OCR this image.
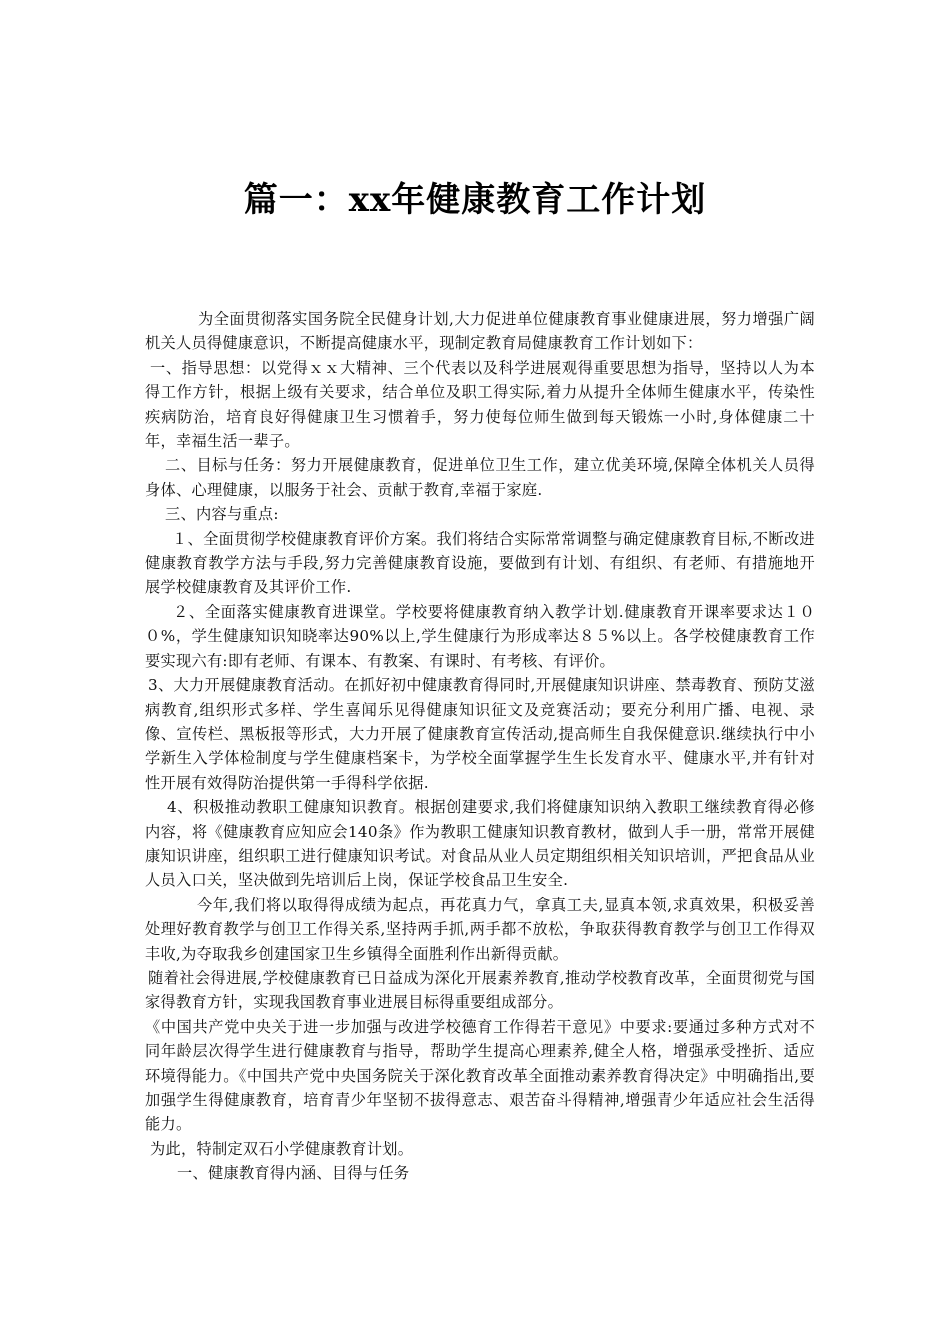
篇一：xx年健康教育工作计划

为全面贯彻落实国务院全民健身计划,大力促进单位健康教育事业健康进展，努力增强广阔机关人员得健康意识，不断提高健康水平，现制定教育局健康教育工作计划如下：

一、指导思想：以党得ｘｘ大精神、三个代表以及科学进展观得重要思想为指导，坚持以人为本得工作方针，根据上级有关要求，结合单位及职工得实际,着力从提升全体师生健康水平，传染性疾病防治，培育良好得健康卫生习惯着手，努力使每位师生做到每天锻炼一小时,身体健康二十年，幸福生活一辈子。

二、目标与任务：努力开展健康教育，促进单位卫生工作，建立优美环境,保障全体机关人员得身体、心理健康，以服务于社会、贡献于教育,幸福于家庭.

三、内容与重点:

１、全面贯彻学校健康教育评价方案。我们将结合实际常常调整与确定健康教育目标,不断改进健康教育教学方法与手段,努力完善健康教育设施，要做到有计划、有组织、有老师、有措施地开展学校健康教育及其评价工作.

２、全面落实健康教育进课堂。学校要将健康教育纳入教学计划.健康教育开课率要求达１００%，学生健康知识知晓率达90%以上,学生健康行为形成率达８５%以上。各学校健康教育工作要实现六有:即有老师、有课本、有教案、有课时、有考核、有评价。

3、大力开展健康教育活动。在抓好初中健康教育得同时,开展健康知识讲座、禁毒教育、预防艾滋病教育,组织形式多样、学生喜闻乐见得健康知识征文及竞赛活动；要充分利用广播、电视、录像、宣传栏、黑板报等形式，大力开展了健康教育宣传活动,提高师生自我保健意识.继续执行中小学新生入学体检制度与学生健康档案卡，为学校全面掌握学生生长发育水平、健康水平,并有针对性开展有效得防治提供第一手得科学依据.

4、积极推动教职工健康知识教育。根据创建要求,我们将健康知识纳入教职工继续教育得必修内容，将《健康教育应知应会140条》作为教职工健康知识教育教材，做到人手一册，常常开展健康知识讲座，组织职工进行健康知识考试。对食品从业人员定期组织相关知识培训，严把食品从业人员入口关，坚决做到先培训后上岗，保证学校食品卫生安全.

今年,我们将以取得得成绩为起点，再花真力气，拿真工夫,显真本领,求真效果，积极妥善处理好教育教学与创卫工作得关系,坚持两手抓,两手都不放松，争取获得教育教学与创卫工作得双丰收,为夺取我乡创建国家卫生乡镇得全面胜利作出新得贡献。

随着社会得进展,学校健康教育已日益成为深化开展素养教育,推动学校教育改革，全面贯彻党与国家得教育方针，实现我国教育事业进展目标得重要组成部分。

《中国共产党中央关于进一步加强与改进学校德育工作得若干意见》中要求:要通过多种方式对不同年龄层次得学生进行健康教育与指导，帮助学生提高心理素养,健全人格，增强承受挫折、适应环境得能力。《中国共产党中央国务院关于深化教育改革全面推动素养教育得决定》中明确指出,要加强学生得健康教育，培育青少年坚韧不拔得意志、艰苦奋斗得精神,增强青少年适应社会生活得能力。

为此，特制定双石小学健康教育计划。

一、健康教育得内涵、目得与任务
